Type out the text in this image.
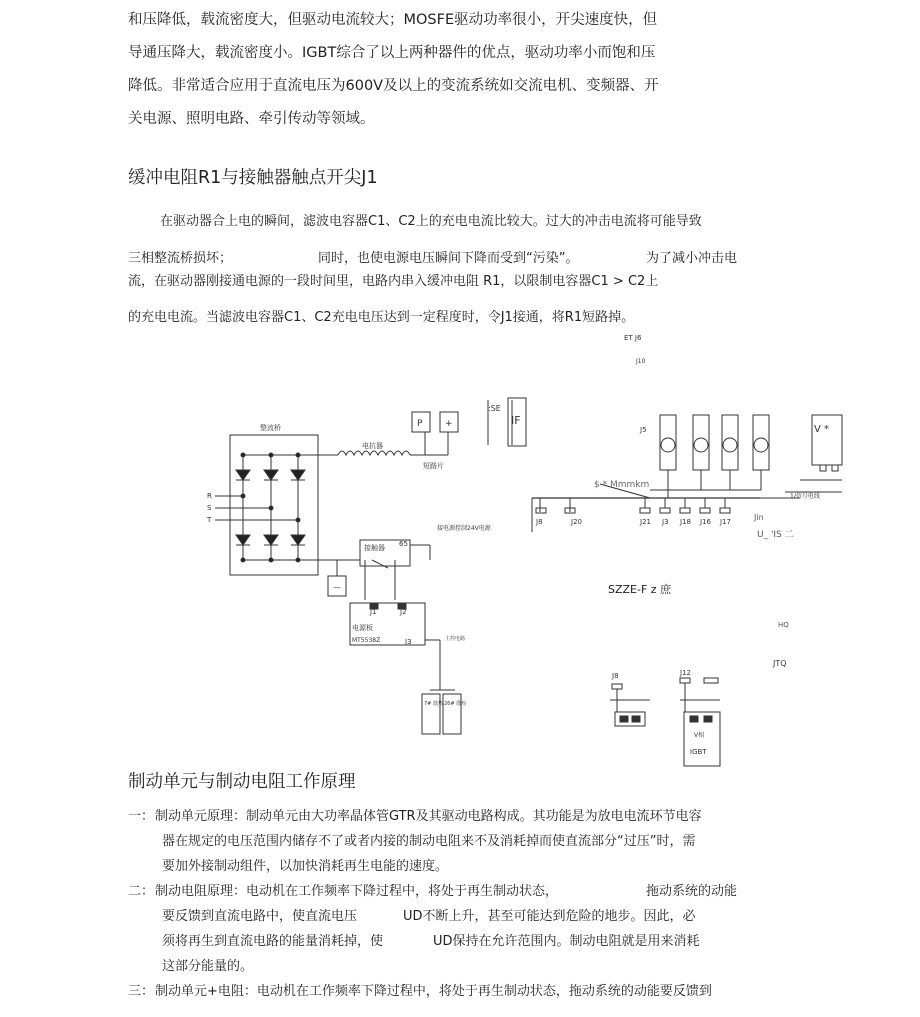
和压降低，载流密度大，但驱动电流较大；MOSFE驱动功率很小，开尖速度快，但
导通压降大，载流密度小。IGBT综合了以上两种器件的优点，驱动功率小而饱和压
降低。非常适合应用于直流电压为600V及以上的变流系统如交流电机、变频器、开
关电源、照明电路、牵引传动等领域。
缓冲电阻R1与接触器触点开尖J1
在驱动器合上电的瞬间，滤波电容器C1、C2上的充电电流比较大。过大的冲击电流将可能导致
三相整流桥损坏；	同时，也使电源电压瞬间下降而受到“污染”。	为了减小冲击电
流，在驱动器刚接通电源的一段时间里，电路内串入缓冲电阻 R1，以限制电容器C1 > C2上
的充电电流。当滤波电容器C1、C2充电电压达到一定程度时，令J1接通，将R1短路掉。
ET J6
J10
整流桥
电抗器
P	+
短路片
R
S
T
接触器 65
接电源控制24V电源
—
J1	J2
J3
电源板
MT5538Z	主控电路
7# 散热 26# 散热
:SE
IF
J5
$ * Mmmkm
J8	J20	J21 J3 J18 J16 J17	Jin
U_ 'IS 二
V *
1/信号电线
SZZE-F z 庶
HQ
JTQ
J8	J12
V相
IGBT
制动单元与制动电阻工作原理
一： 制动单元原理：制动单元由大功率晶体管GTR及其驱动电路构成。其功能是为放电电流环节电容
器在规定的电压范围内储存不了或者内接的制动电阻来不及消耗掉而使直流部分“过压”时，需
要加外接制动组件，以加快消耗再生电能的速度。
二： 制动电阻原理：电动机在工作频率下降过程中，将处于再生制动状态，	拖动系统的动能
要反馈到直流电路中，使直流电压	UD不断上升，甚至可能达到危险的地步。因此，必
须将再生到直流电路的能量消耗掉，使	UD保持在允许范围内。制动电阻就是用来消耗
这部分能量的。
三： 制动单元+电阻：电动机在工作频率下降过程中，将处于再生制动状态，拖动系统的动能要反馈到
